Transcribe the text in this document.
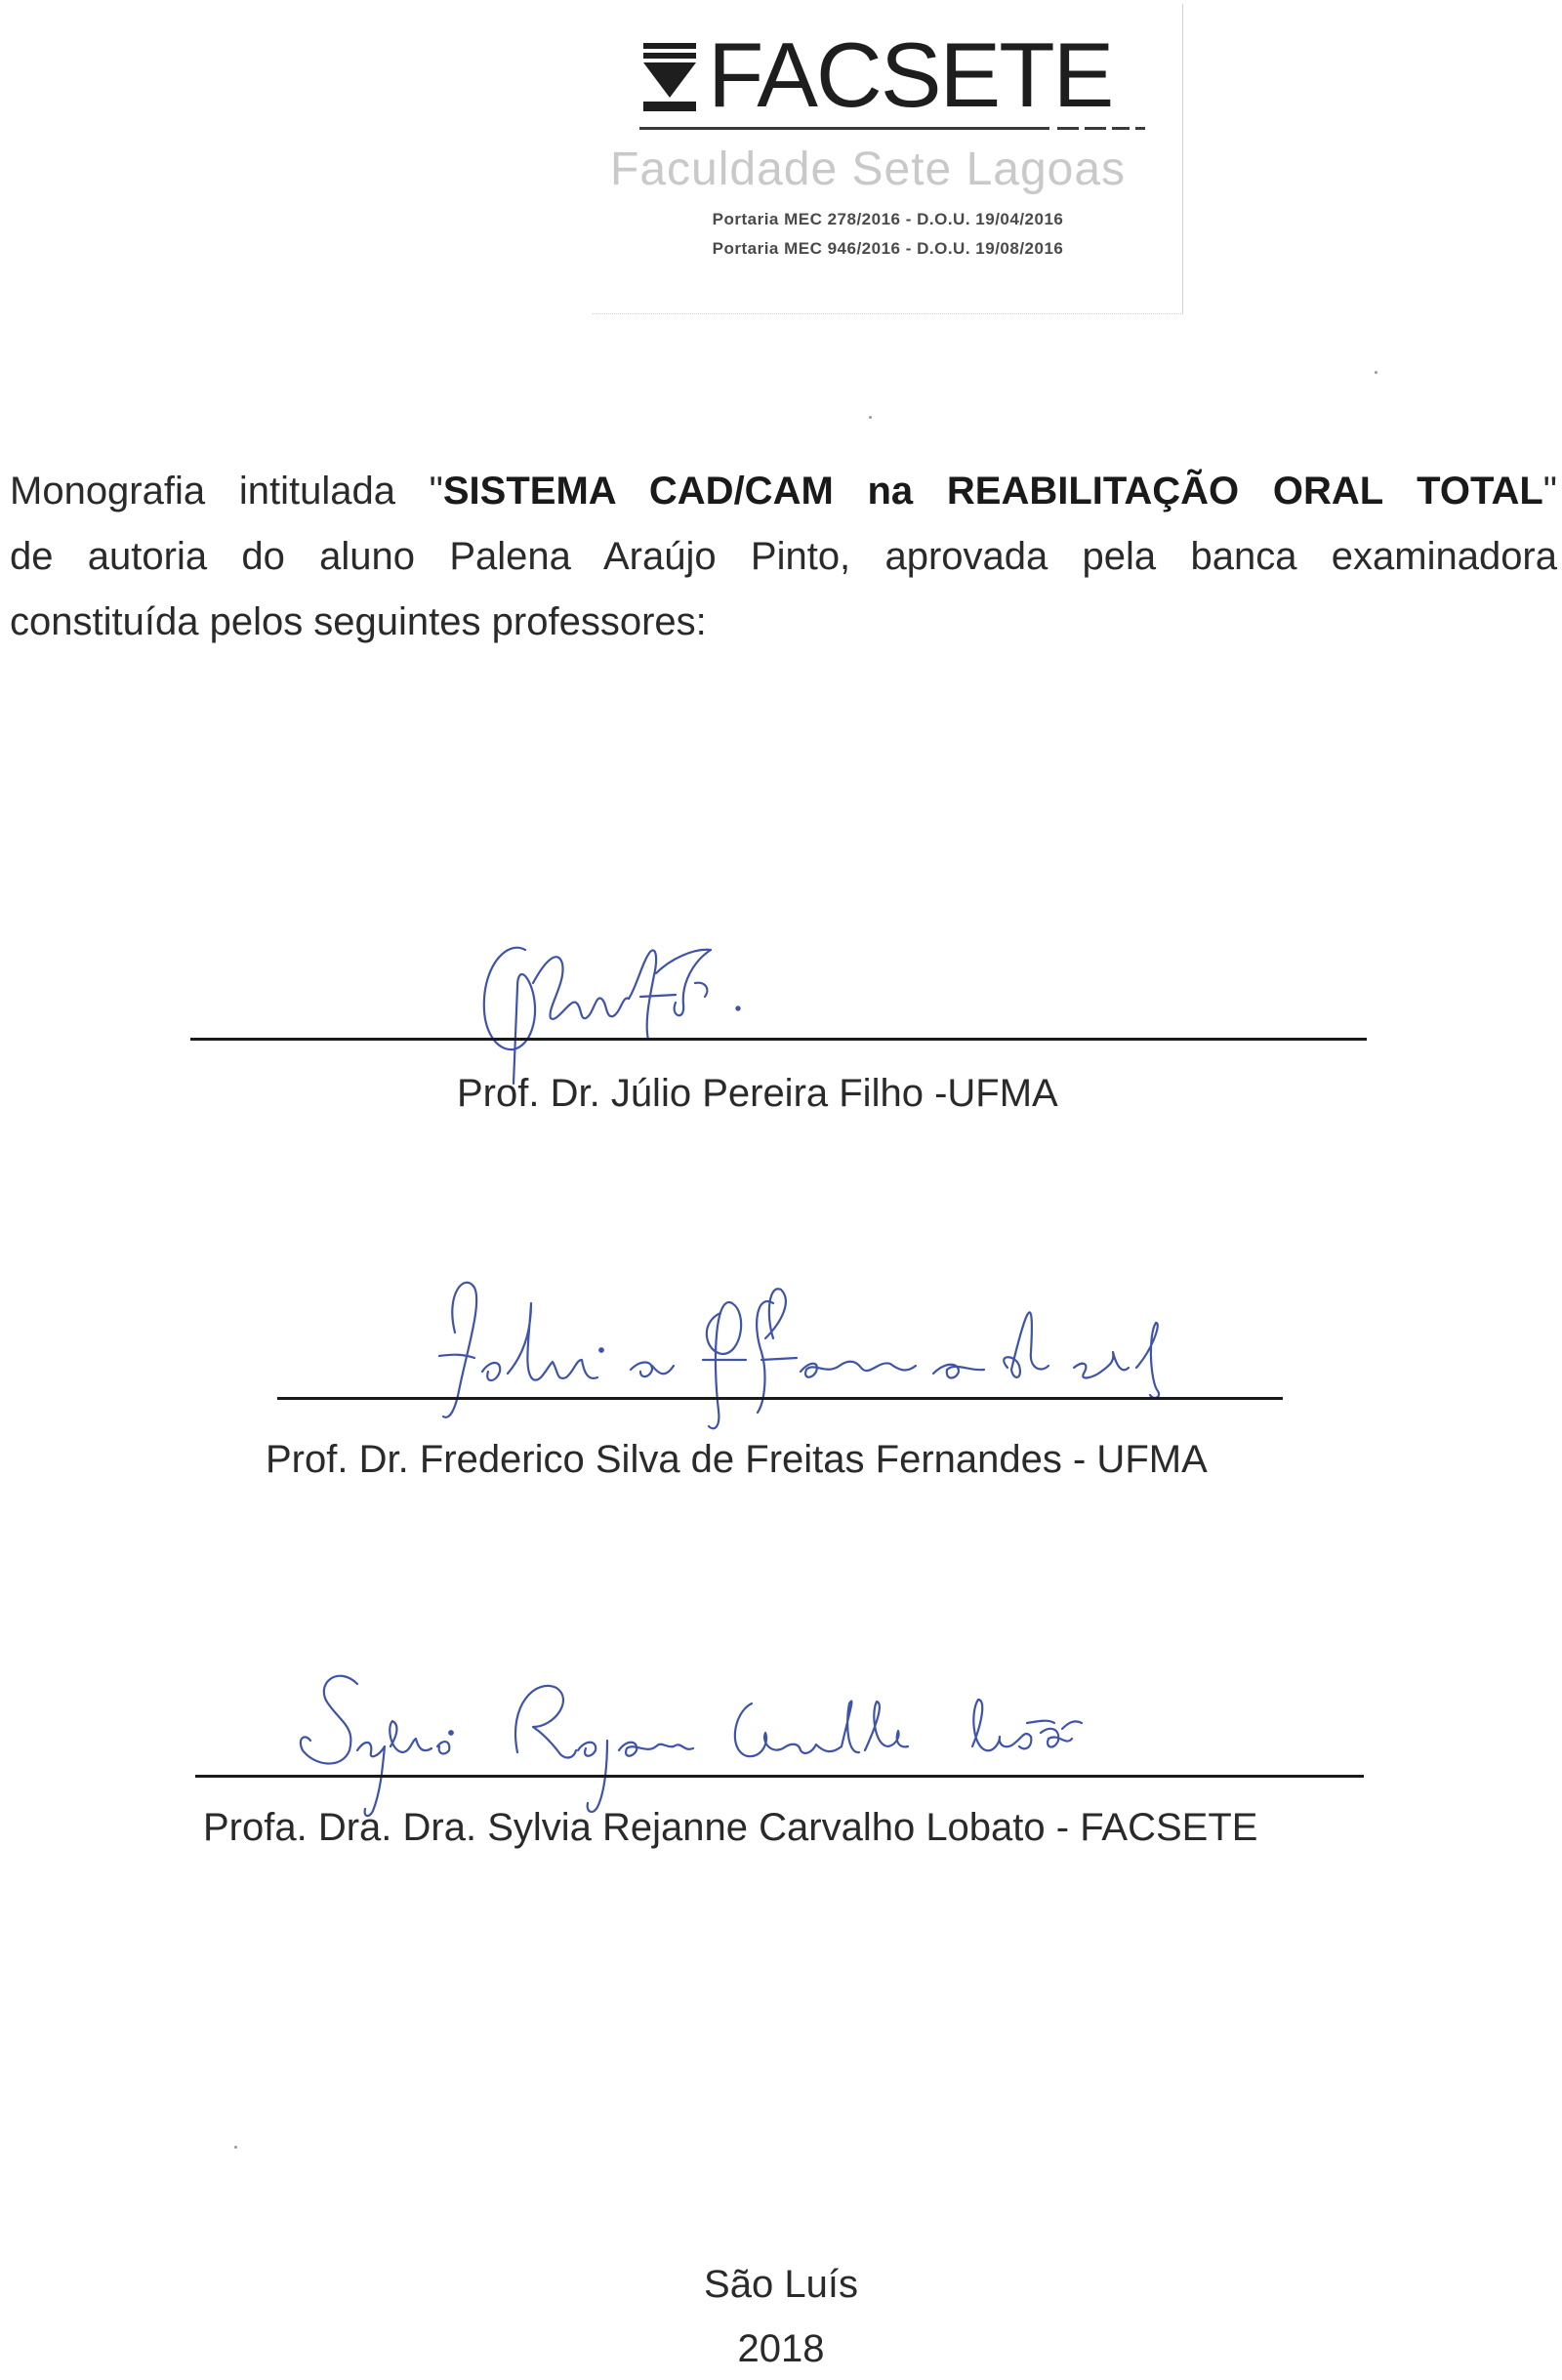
FACSETE
Faculdade Sete Lagoas
Portaria MEC 278/2016 - D.O.U. 19/04/2016
Portaria MEC 946/2016 - D.O.U. 19/08/2016

Monografia intitulada "SISTEMA CAD/CAM na REABILITAÇÃO ORAL TOTAL"

de autoria do aluno Palena Araújo Pinto, aprovada pela banca examinadora

constituída pelos seguintes professores:

Prof. Dr. Júlio Pereira Filho -UFMA
Prof. Dr. Frederico Silva de Freitas Fernandes - UFMA
Profa. Dra. Dra. Sylvia Rejanne Carvalho Lobato - FACSETE
São Luís
2018
